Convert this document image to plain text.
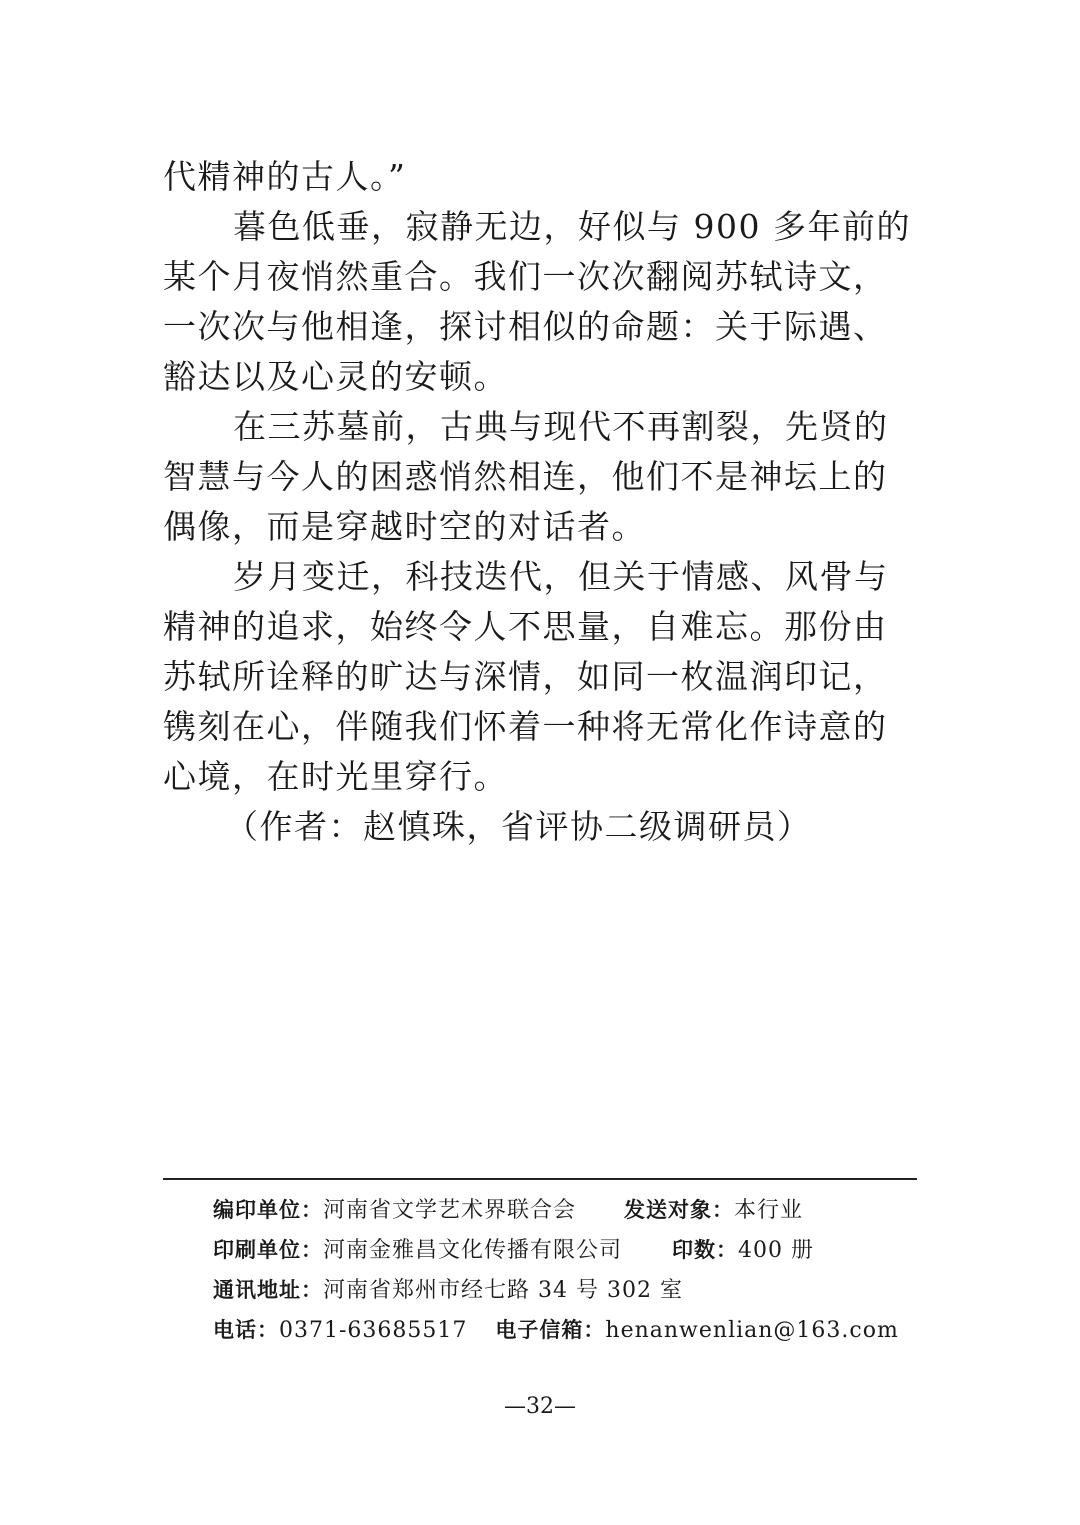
代精神的古人。”
暮色低垂，寂静无边，好似与 900 多年前的
某个月夜悄然重合。我们一次次翻阅苏轼诗文，
一次次与他相逢，探讨相似的命题：关于际遇、
豁达以及心灵的安顿。
在三苏墓前，古典与现代不再割裂，先贤的
智慧与今人的困惑悄然相连，他们不是神坛上的
偶像，而是穿越时空的对话者。
岁月变迁，科技迭代，但关于情感、风骨与
精神的追求，始终令人不思量，自难忘。那份由
苏轼所诠释的旷达与深情，如同一枚温润印记，
镌刻在心，伴随我们怀着一种将无常化作诗意的
心境，在时光里穿行。
（作者：赵慎珠，省评协二级调研员）
编印单位：河南省文学艺术界联合会 发送对象：本行业
印刷单位：河南金雅昌文化传播有限公司 印数：400 册
通讯地址：河南省郑州市经七路 34 号 302 室
电话：0371-63685517 电子信箱：henanwenlian@163.com
—32—
